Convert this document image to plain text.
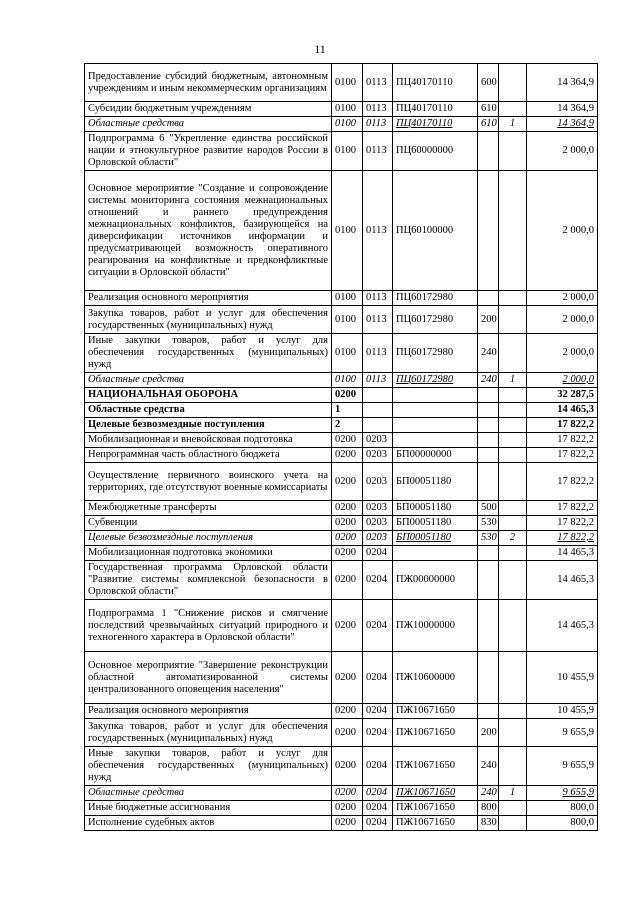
11
Предоставление субсидий бюджетным, автономным учреждениям и иным некоммерческим организациям	0100	0113	ПЦ40170110	600		14 364,9
Субсидии бюджетным учреждениям	0100	0113	ПЦ40170110	610		14 364,9
Областные средства	0100	0113	ПЦ40170110	610	1	14 364,9
Подпрограмма 6 "Укрепление единства российской нации и этнокультурное развитие народов России в Орловской области"	0100	0113	ПЦ60000000			2 000,0
Основное мероприятие "Создание и сопровождение системы мониторинга состояния межнациональных отношений и раннего предупреждения межнациональных конфликтов, базирующейся на диверсификации источников информации и предусматривающей возможность оперативного реагирования на конфликтные и предконфликтные ситуации в Орловской области"	0100	0113	ПЦ60100000			2 000,0
Реализация основного мероприятия	0100	0113	ПЦ60172980			2 000,0
Закупка товаров, работ и услуг для обеспечения государственных (муниципальных) нужд	0100	0113	ПЦ60172980	200		2 000,0
Иные закупки товаров, работ и услуг для обеспечения государственных (муниципальных) нужд	0100	0113	ПЦ60172980	240		2 000,0
Областные средства	0100	0113	ПЦ60172980	240	1	2 000,0
НАЦИОНАЛЬНАЯ ОБОРОНА	0200					32 287,5
Областные средства	1					14 465,3
Целевые безвозмездные поступления	2					17 822,2
Мобилизационная и вневойсковая подготовка	0200	0203				17 822,2
Непрограммная часть областного бюджета	0200	0203	БП00000000			17 822,2
Осуществление первичного воинского учета на территориях, где отсутствуют военные комиссариаты	0200	0203	БП00051180			17 822,2
Межбюджетные трансферты	0200	0203	БП00051180	500		17 822,2
Субвенции	0200	0203	БП00051180	530		17 822,2
Целевые безвозмездные поступления	0200	0203	БП00051180	530	2	17 822,2
Мобилизационная подготовка экономики	0200	0204				14 465,3
Государственная программа Орловской области "Развитие системы комплексной безопасности в Орловской области"	0200	0204	ПЖ00000000			14 465,3
Подпрограмма 1 "Снижение рисков и смягчение последствий чрезвычайных ситуаций природного и техногенного характера в Орловской области"	0200	0204	ПЖ10000000			14 465,3
Основное мероприятие "Завершение реконструкции областной автоматизированной системы централизованного оповещения населения"	0200	0204	ПЖ10600000			10 455,9
Реализация основного мероприятия	0200	0204	ПЖ10671650			10 455,9
Закупка товаров, работ и услуг для обеспечения государственных (муниципальных) нужд	0200	0204	ПЖ10671650	200		9 655,9
Иные закупки товаров, работ и услуг для обеспечения государственных (муниципальных) нужд	0200	0204	ПЖ10671650	240		9 655,9
Областные средства	0200	0204	ПЖ10671650	240	1	9 655,9
Иные бюджетные ассигнования	0200	0204	ПЖ10671650	800		800,0
Исполнение судебных актов	0200	0204	ПЖ10671650	830		800,0
